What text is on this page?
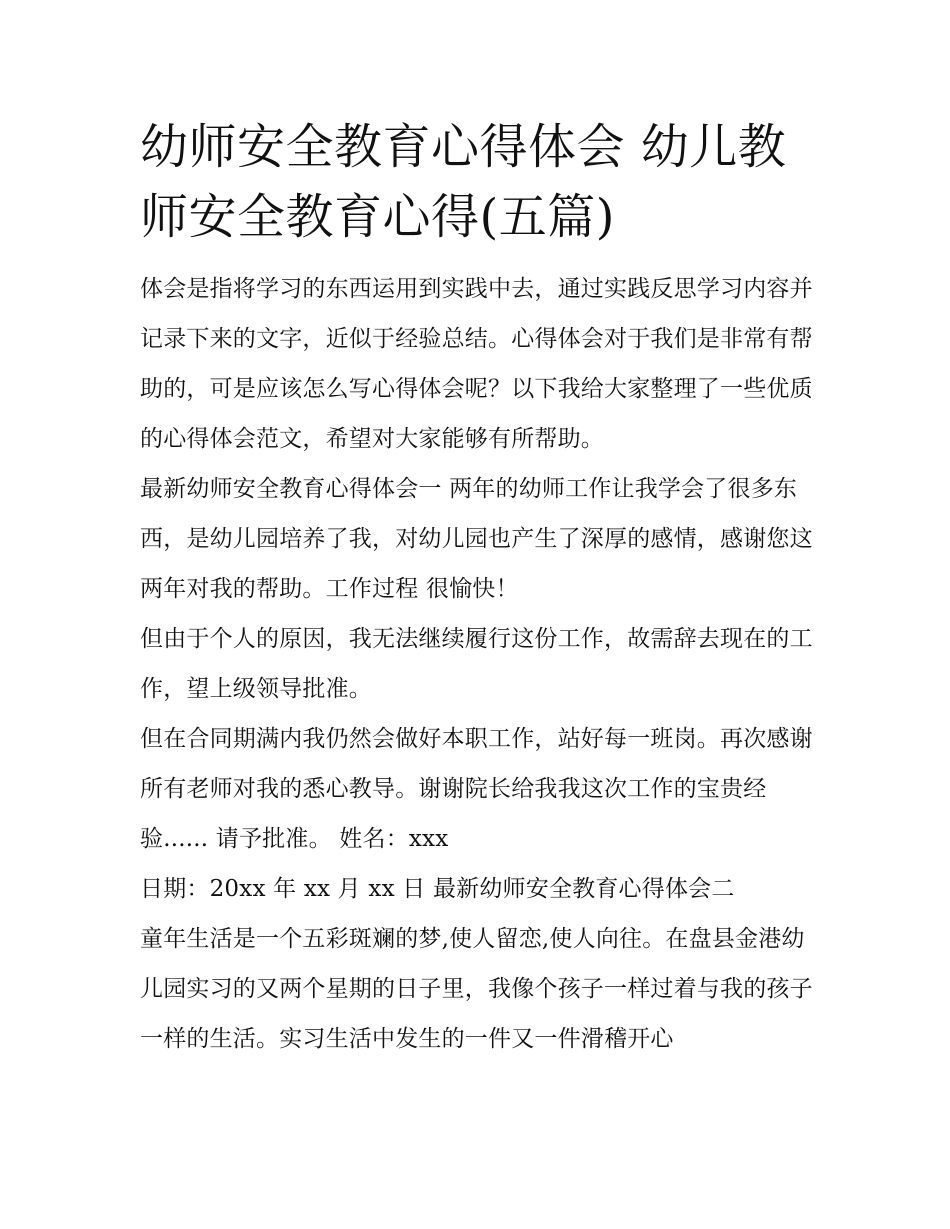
幼师安全教育心得体会 幼儿教师安全教育心得(五篇)

体会是指将学习的东西运用到实践中去，通过实践反思学习内容并记录下来的文字，近似于经验总结。心得体会对于我们是非常有帮助的，可是应该怎么写心得体会呢？以下我给大家整理了一些优质的心得体会范文，希望对大家能够有所帮助。

最新幼师安全教育心得体会一 两年的幼师工作让我学会了很多东西，是幼儿园培养了我，对幼儿园也产生了深厚的感情，感谢您这两年对我的帮助。工作过程 很愉快！

但由于个人的原因，我无法继续履行这份工作，故需辞去现在的工作，望上级领导批准。

但在合同期满内我仍然会做好本职工作，站好每一班岗。再次感谢所有老师对我的悉心教导。谢谢院长给我我这次工作的宝贵经验...... 请予批准。 姓名：xxx

日期：20xx 年 xx 月 xx 日 最新幼师安全教育心得体会二

童年生活是一个五彩斑斓的梦,使人留恋,使人向往。在盘县金港幼儿园实习的又两个星期的日子里，我像个孩子一样过着与我的孩子一样的生活。实习生活中发生的一件又一件滑稽开心
